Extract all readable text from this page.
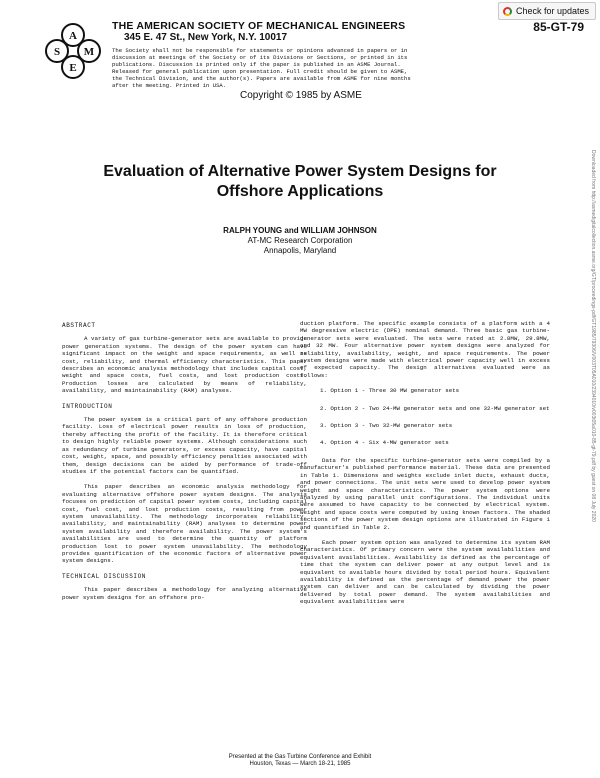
Check for updates
A
S M
E
THE AMERICAN SOCIETY OF MECHANICAL ENGINEERS
345 E. 47 St., New York, N.Y. 10017
The Society shall not be responsible for statements or opinions advanced in papers or in discussion at meetings of the Society or of its Divisions or Sections, or printed in its publications. Discussion is printed only if the paper is published in an ASME Journal. Released for general publication upon presentation. Full credit should be given to ASME, the Technical Division, and the author(s). Papers are available from ASME for nine months after the meeting. Printed in USA.
Copyright © 1985 by ASME
85-GT-79
Evaluation of Alternative Power System Designs for
Offshore Applications
RALPH YOUNG and WILLIAM JOHNSON
AT-MC Research Corporation
Annapolis, Maryland	Downloaded from http://asmedigitalcollection.asme.org/GT/proceedings-pdf/GT1985/79306/V003T05A010/2394010/v003t05a010-85-gt-79.pdf by guest on 08 July 2020
ABSTRACT

A variety of gas turbine-generator sets are available to provide power generation systems. The design of the power system can have significant impact on the weight and space requirements, as well as cost, reliability, and thermal efficiency characteristics. This paper describes an economic analysis methodology that includes capital cost, weight and space costs, fuel costs, and lost production costs. Production losses are calculated by means of reliability, availability, and maintainability (RAM) analyses.

INTRODUCTION

The power system is a critical part of any offshore production facility. Loss of electrical power results in loss of production, thereby affecting the profit of the facility. It is therefore critical to design highly reliable power systems. Although considerations such as redundancy of turbine generators, or excess capacity, have capital cost, weight, space, and possibly efficiency penalties associated with them, design decisions can be aided by performance of trade-off studies if the potential factors can be quantified.

This paper describes an economic analysis methodology for evaluating alternative offshore power system designs. The analysis focuses on prediction of capital power system costs, including capital cost, fuel cost, and lost production costs, resulting from power system unavailability. The methodology incorporates reliability, availability, and maintainability (RAM) analyses to determine power system availability and therefore availability. The power system's availabilities are used to determine the quantity of platform production lost to power system unavailability. The methodology provides quantification of the economic factors of alternative power system designs.

TECHNICAL DISCUSSION

This paper describes a methodology for analyzing alternative power system designs for an offshore pro-

duction platform. The specific example consists of a platform with a 4 MW degressive electric (DPE) nominal demand. Three basic gas turbine-generator sets were evaluated. The sets were rated at 2.8MW, 29.8MW, and 32 MW. Four alternative power system designs were analyzed for reliability, availability, weight, and space requirements. The power system designs were made with electrical power capacity well in excess of expected capacity. The design alternatives evaluated were as follows:

1. Option 1 - Three 30 MW generator sets
2. Option 2 - Two 24-MW generator sets and one 32-MW generator set
3. Option 3 - Two 32-MW generator sets
4. Option 4 - Six 4-MW generator sets

Data for the specific turbine-generator sets were compiled by a manufacturer's published performance material. These data are presented in Table 1. Dimensions and weights exclude inlet ducts, exhaust ducts, and power connections. The unit sets were used to develop power system weight and space characteristics. The power system options were analyzed by using parallel unit configurations. The individual units were assumed to have capacity to be connected by electrical system. Weight and space costs were computed by using known factors. The shaded sections of the power system design options are illustrated in Figure 1 and quantified in Table 2.

Each power system option was analyzed to determine its system RAM characteristics. Of primary concern were the system availabilities and equivalent availabilities. Availability is defined as the percentage of time that the system can deliver power at any output level and is equivalent to available hours divided by total period hours. Equivalent availability is defined as the percentage of demand power the power system can deliver and can be calculated by dividing the power delivered by total power demand. The system availabilities and equivalent availabilities were

Presented at the Gas Turbine Conference and Exhibit
Houston, Texas — March 18-21, 1985
